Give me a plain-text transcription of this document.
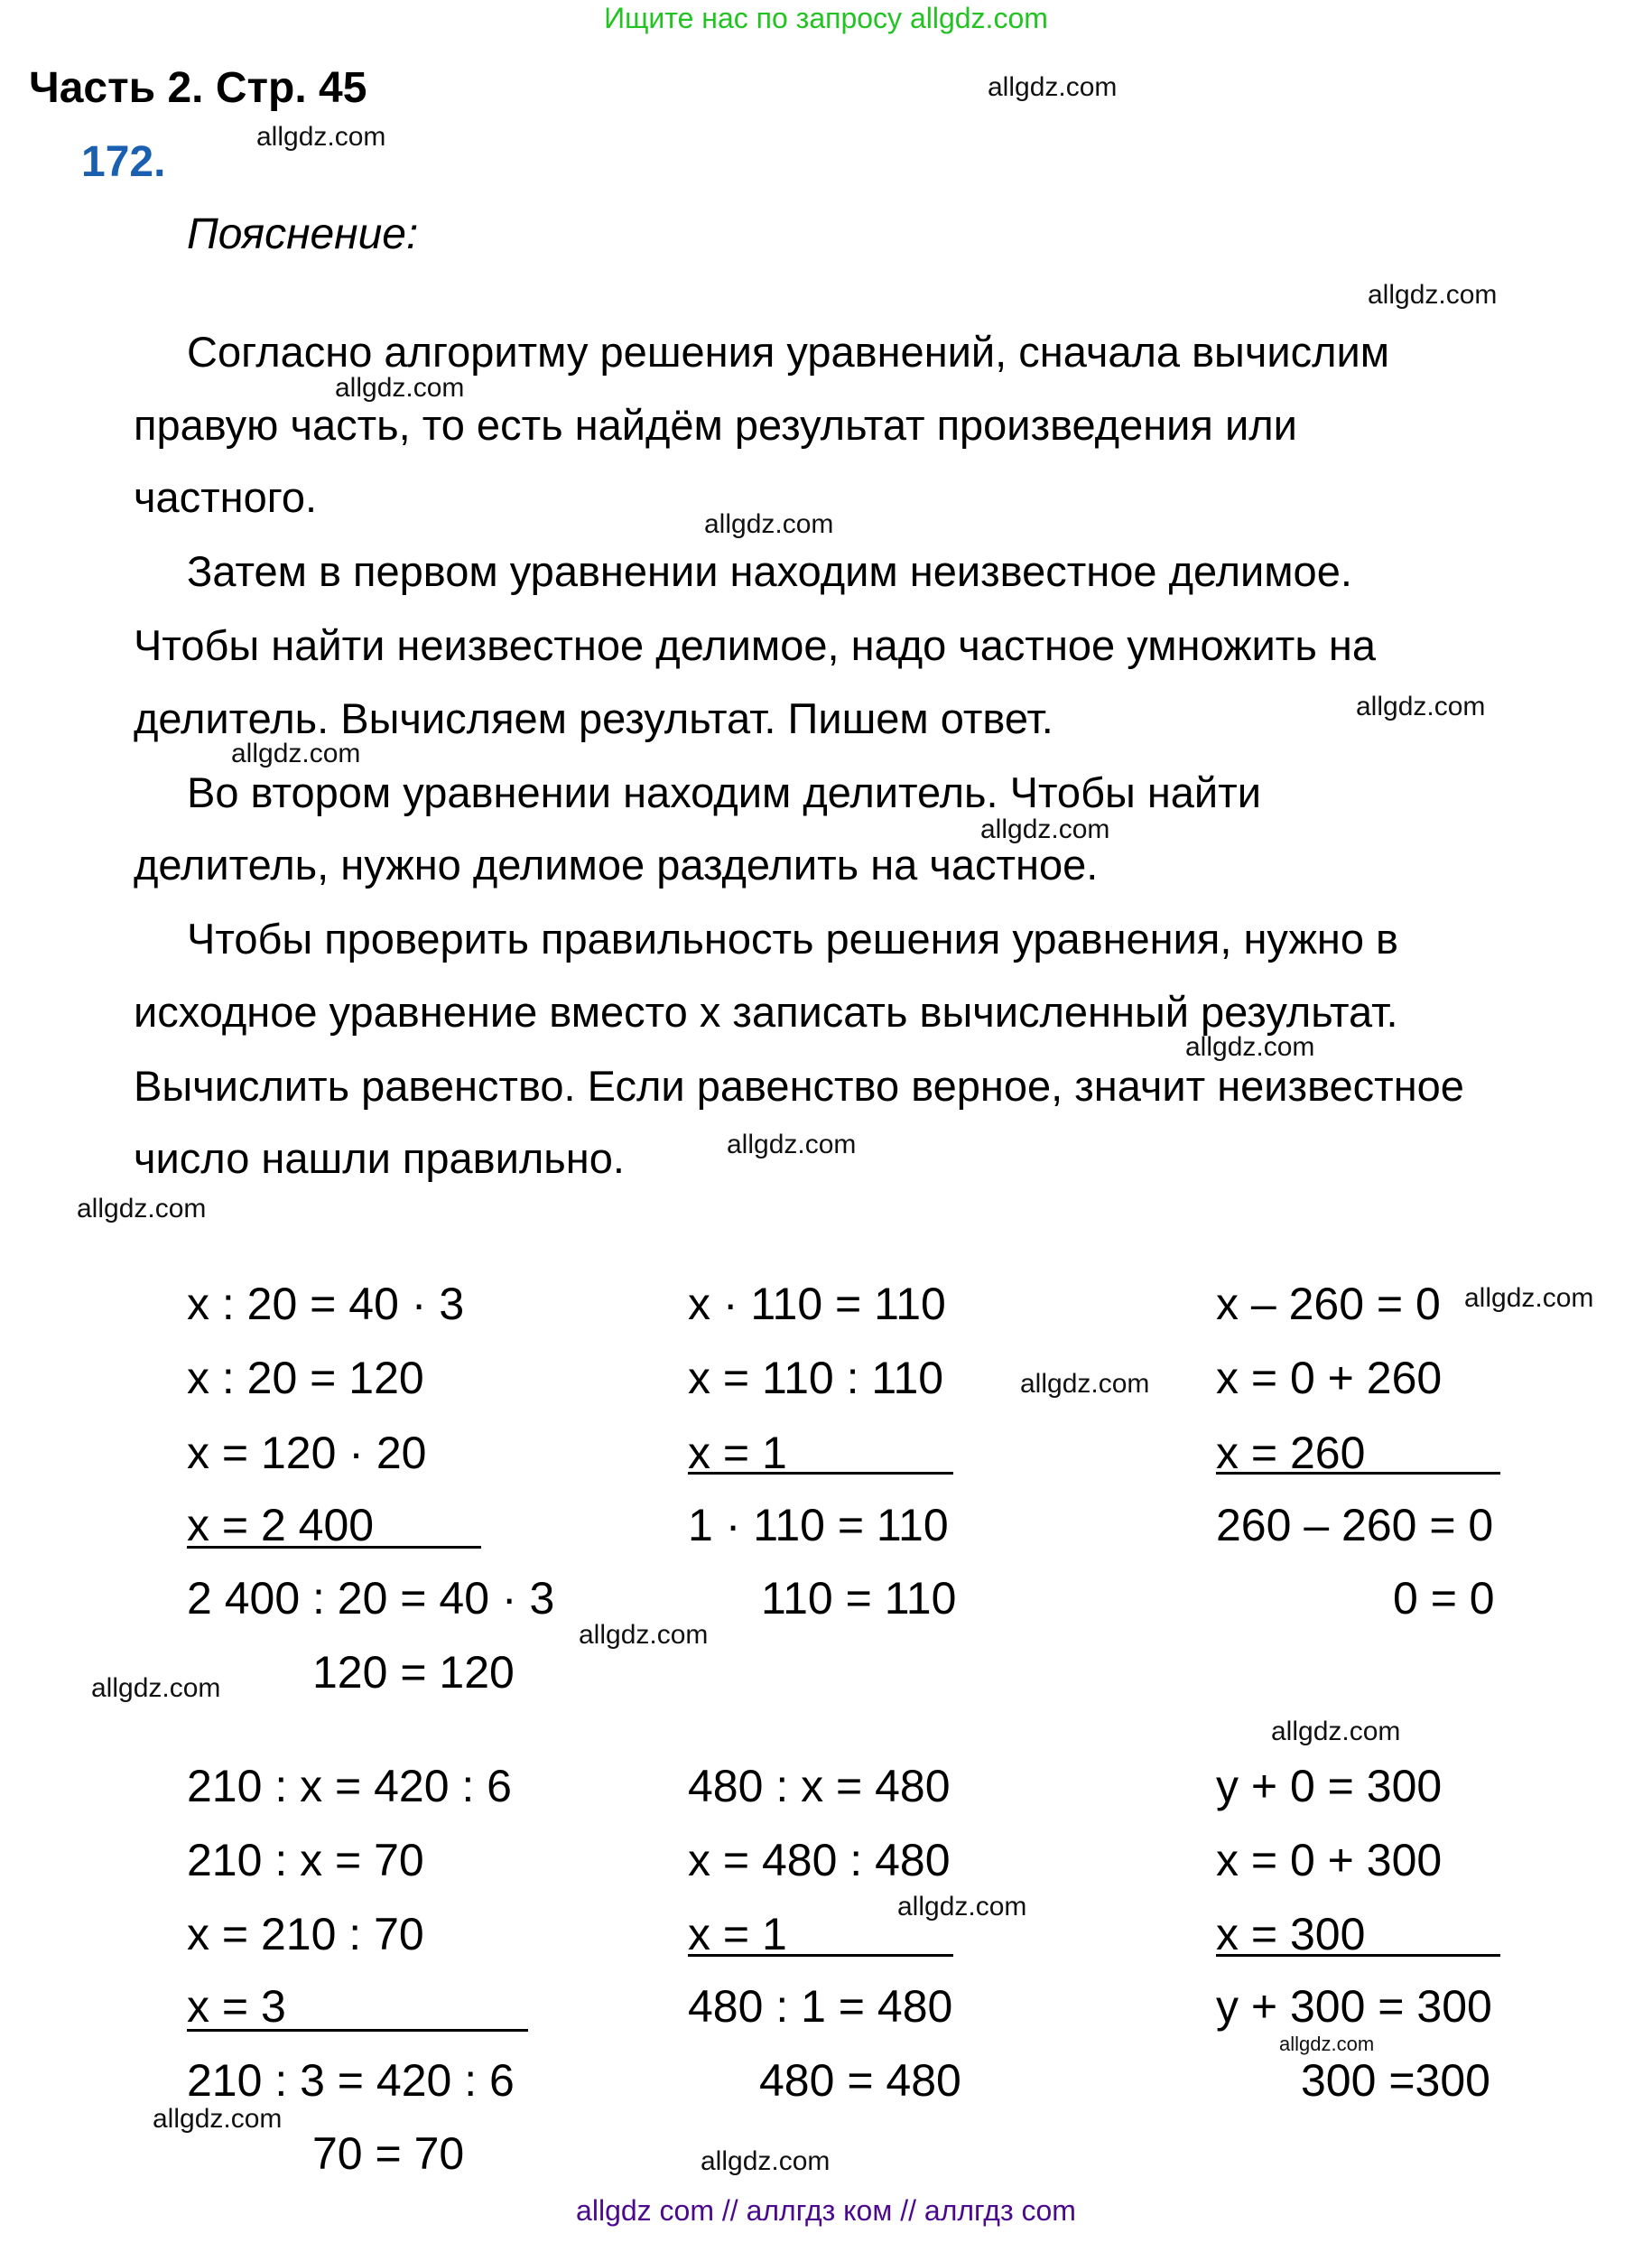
Ищите нас по запросу allgdz.com
Часть 2. Стр. 45
172.
Пояснение:
Согласно алгоритму решения уравнений, сначала вычислим
правую часть, то есть найдём результат произведения или
частного.
Затем в первом уравнении находим неизвестное делимое.
Чтобы найти неизвестное делимое, надо частное умножить на
делитель. Вычисляем результат. Пишем ответ.
Во втором уравнении находим делитель. Чтобы найти
делитель, нужно делимое разделить на частное.
Чтобы проверить правильность решения уравнения, нужно в
исходное уравнение вместо х записать вычисленный результат.
Вычислить равенство. Если равенство верное, значит неизвестное
число нашли правильно.
x : 20 = 40 · 3
x : 20 = 120
x = 120 · 20
x = 2 400
2 400 : 20 = 40 · 3
120 = 120
x · 110 = 110
x = 110 : 110
x = 1
1 · 110 = 110
110 = 110
x – 260 = 0
x = 0 + 260
x = 260
260 – 260 = 0
0 = 0
210 : x = 420 : 6
210 : x = 70
x = 210 : 70
x = 3
210 : 3 = 420 : 6
70 = 70
480 : x = 480
x = 480 : 480
x = 1
480 : 1 = 480
480 = 480
y + 0 = 300
x = 0 + 300
x = 300
y + 300 = 300
300 =300
allgdz.com
allgdz.com
allgdz.com
allgdz.com
allgdz.com
allgdz.com
allgdz.com
allgdz.com
allgdz.com
allgdz.com
allgdz.com
allgdz.com
allgdz.com
allgdz.com
allgdz.com
allgdz.com
allgdz.com
allgdz.com
allgdz.com
allgdz.com
allgdz com // аллгдз ком // аллгдз com
